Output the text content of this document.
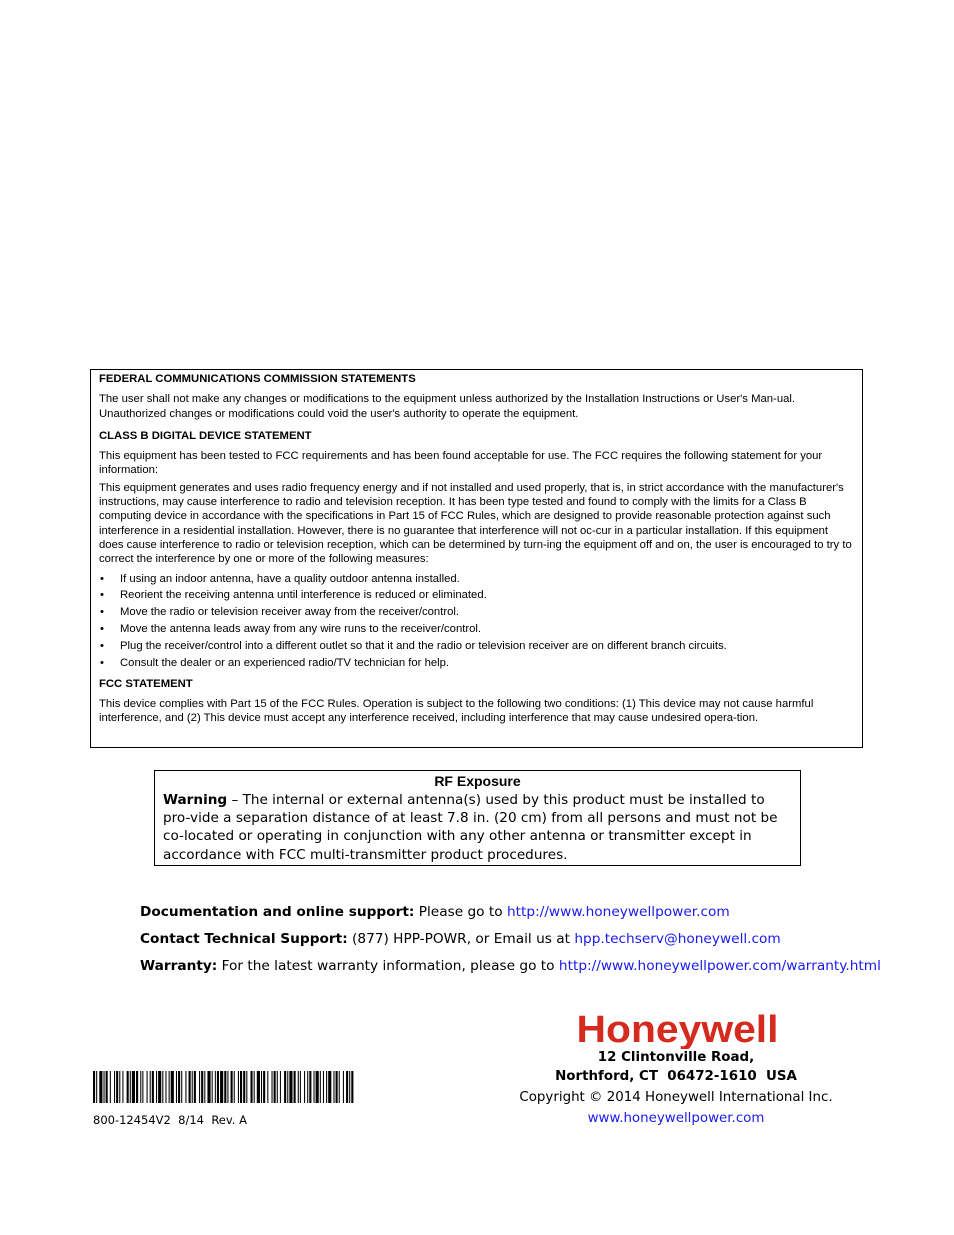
FEDERAL COMMUNICATIONS COMMISSION STATEMENTS

The user shall not make any changes or modifications to the equipment unless authorized by the Installation Instructions or User's Man-ual. Unauthorized changes or modifications could void the user's authority to operate the equipment.

CLASS B DIGITAL DEVICE STATEMENT

This equipment has been tested to FCC requirements and has been found acceptable for use. The FCC requires the following statement for your information:

This equipment generates and uses radio frequency energy and if not installed and used properly, that is, in strict accordance with the manufacturer's instructions, may cause interference to radio and television reception. It has been type tested and found to comply with the limits for a Class B computing device in accordance with the specifications in Part 15 of FCC Rules, which are designed to provide reasonable protection against such interference in a residential installation. However, there is no guarantee that interference will not oc-cur in a particular installation. If this equipment does cause interference to radio or television reception, which can be determined by turn-ing the equipment off and on, the user is encouraged to try to correct the interference by one or more of the following measures:

• If using an indoor antenna, have a quality outdoor antenna installed.
• Reorient the receiving antenna until interference is reduced or eliminated.
• Move the radio or television receiver away from the receiver/control.
• Move the antenna leads away from any wire runs to the receiver/control.
• Plug the receiver/control into a different outlet so that it and the radio or television receiver are on different branch circuits.
• Consult the dealer or an experienced radio/TV technician for help.
FCC STATEMENT

This device complies with Part 15 of the FCC Rules. Operation is subject to the following two conditions: (1) This device may not cause harmful interference, and (2) This device must accept any interference received, including interference that may cause undesired opera-tion.

RF Exposure
Warning – The internal or external antenna(s) used by this product must be installed to pro-vide a separation distance of at least 7.8 in. (20 cm) from all persons and must not be co-located or operating in conjunction with any other antenna or transmitter except in accordance with FCC multi-transmitter product procedures.
Documentation and online support: Please go to http://www.honeywellpower.com
Contact Technical Support: (877) HPP-POWR, or Email us at hpp.techserv@honeywell.com
Warranty: For the latest warranty information, please go to http://www.honeywellpower.com/warranty.html
Honeywell
12 Clintonville Road,
Northford, CT  06472-1610  USA
Copyright © 2014 Honeywell International Inc.
www.honeywellpower.com
800-12454V2  8/14  Rev. A
